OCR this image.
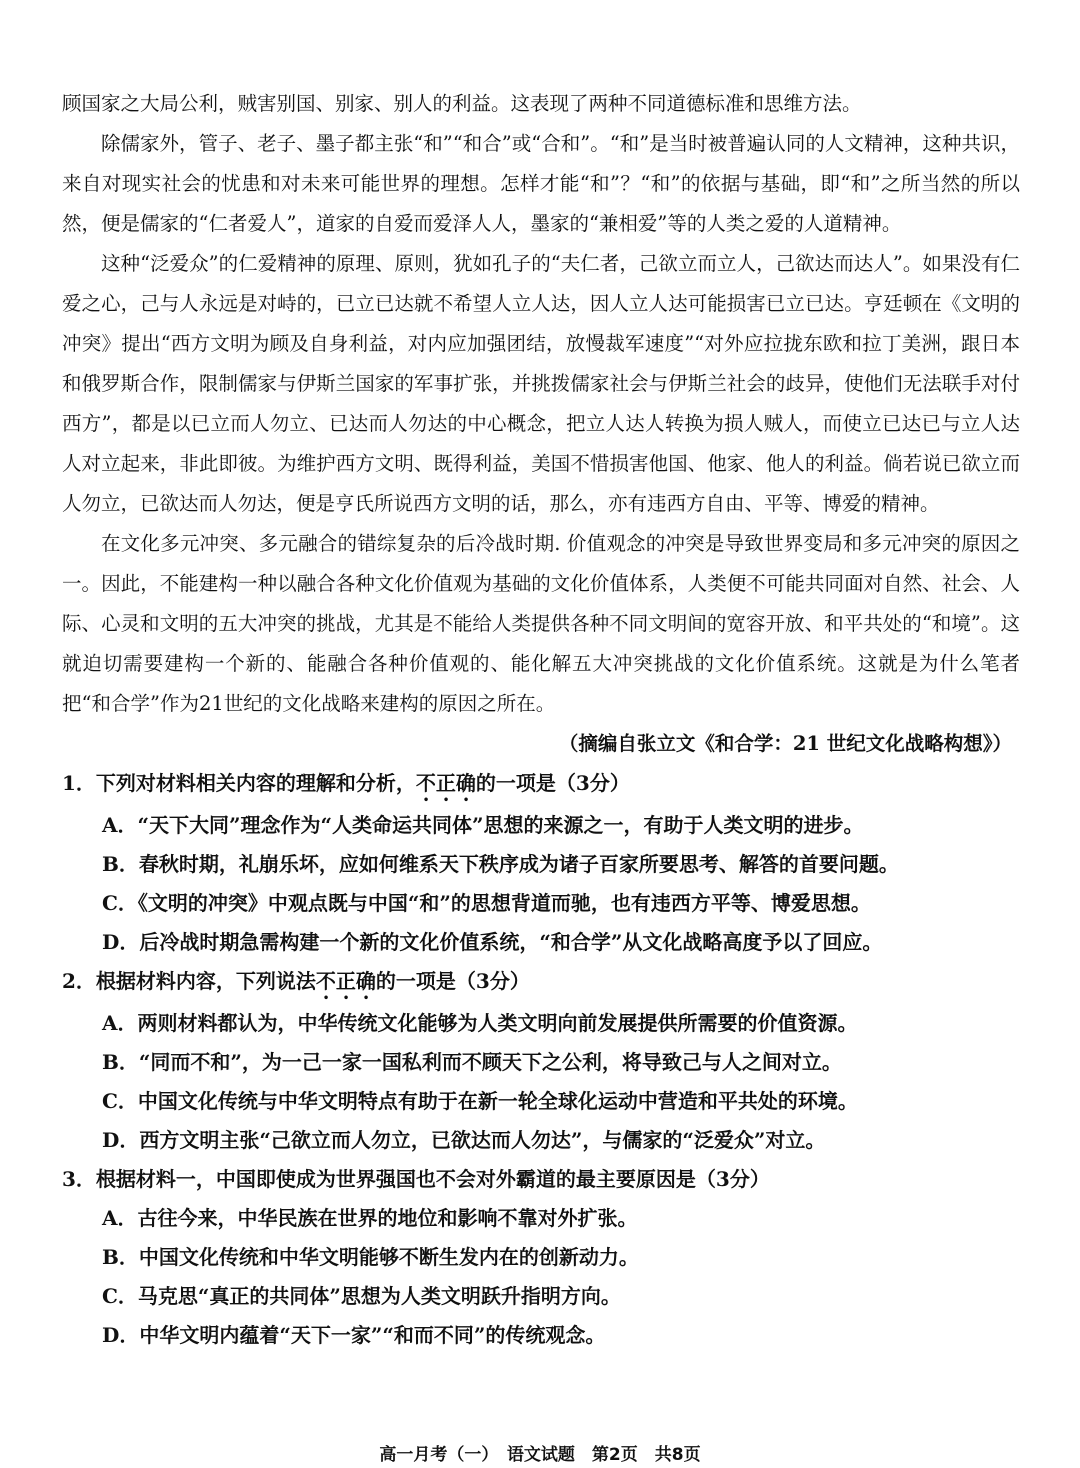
顾国家之大局公利，贼害别国、别家、别人的利益。这表现了两种不同道德标准和思维方法。

除儒家外，管子、老子、墨子都主张“和”“和合”或“合和”。“和”是当时被普遍认同的人文精神，这种共识，来自对现实社会的忧患和对未来可能世界的理想。怎样才能“和”？“和”的依据与基础，即“和”之所当然的所以然，便是儒家的“仁者爱人”，道家的自爱而爱泽人人，墨家的“兼相爱”等的人类之爱的人道精神。

这种“泛爱众”的仁爱精神的原理、原则，犹如孔子的“夫仁者，己欲立而立人，己欲达而达人”。如果没有仁爱之心，己与人永远是对峙的，已立已达就不希望人立人达，因人立人达可能损害已立已达。亨廷顿在《文明的冲突》提出“西方文明为顾及自身利益，对内应加强团结，放慢裁军速度”“对外应拉拢东欧和拉丁美洲，跟日本和俄罗斯合作，限制儒家与伊斯兰国家的军事扩张，并挑拨儒家社会与伊斯兰社会的歧异，使他们无法联手对付西方”，都是以已立而人勿立、已达而人勿达的中心概念，把立人达人转换为损人贼人，而使立已达已与立人达人对立起来，非此即彼。为维护西方文明、既得利益，美国不惜损害他国、他家、他人的利益。倘若说已欲立而人勿立，已欲达而人勿达，便是亨氏所说西方文明的话，那么，亦有违西方自由、平等、博爱的精神。

在文化多元冲突、多元融合的错综复杂的后冷战时期. 价值观念的冲突是导致世界变局和多元冲突的原因之一。因此，不能建构一种以融合各种文化价值观为基础的文化价值体系，人类便不可能共同面对自然、社会、人际、心灵和文明的五大冲突的挑战，尤其是不能给人类提供各种不同文明间的宽容开放、和平共处的“和境”。这就迫切需要建构一个新的、能融合各种价值观的、能化解五大冲突挑战的文化价值系统。这就是为什么笔者把“和合学”作为21世纪的文化战略来建构的原因之所在。

（摘编自张立文《和合学：21 世纪文化战略构想》）

1．下列对材料相关内容的理解和分析，不正确的一项是（3分）

A．“天下大同”理念作为“人类命运共同体”思想的来源之一，有助于人类文明的进步。

B．春秋时期，礼崩乐坏，应如何维系天下秩序成为诸子百家所要思考、解答的首要问题。

C．《文明的冲突》中观点既与中国“和”的思想背道而驰，也有违西方平等、博爱思想。

D．后冷战时期急需构建一个新的文化价值系统，“和合学”从文化战略高度予以了回应。

2．根据材料内容，下列说法不正确的一项是（3分）

A．两则材料都认为，中华传统文化能够为人类文明向前发展提供所需要的价值资源。

B．“同而不和”，为一己一家一国私利而不顾天下之公利，将导致己与人之间对立。

C．中国文化传统与中华文明特点有助于在新一轮全球化运动中营造和平共处的环境。

D．西方文明主张“己欲立而人勿立，已欲达而人勿达”，与儒家的“泛爱众”对立。

3．根据材料一，中国即使成为世界强国也不会对外霸道的最主要原因是（3分）

A．古往今来，中华民族在世界的地位和影响不靠对外扩张。

B．中国文化传统和中华文明能够不断生发内在的创新动力。

C．马克思“真正的共同体”思想为人类文明跃升指明方向。

D．中华文明内蕴着“天下一家”“和而不同”的传统观念。

高一月考（一）　语文试题　第2页　共8页
